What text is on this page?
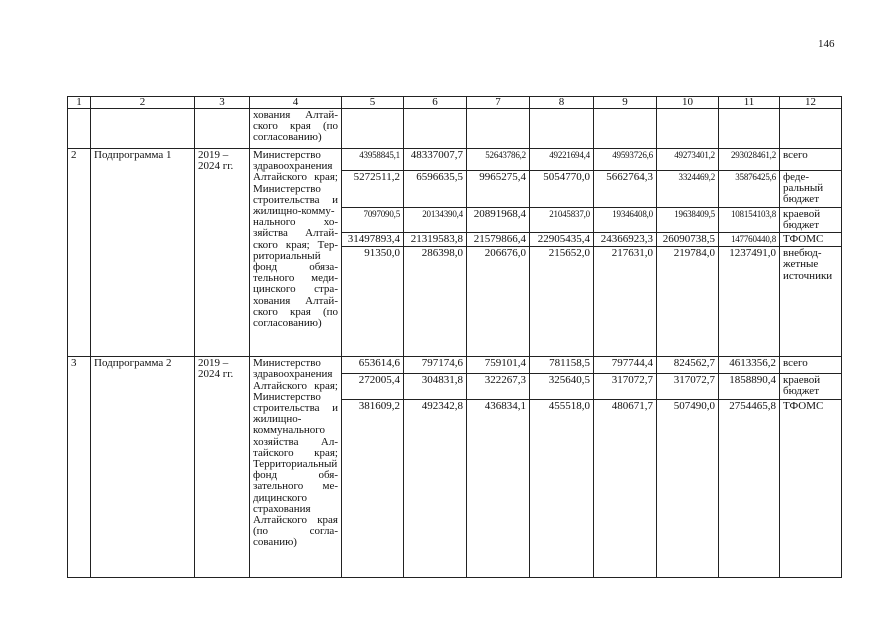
146
1	2	3	4	5	6	7	8	9	10	11	12
			хования Алтайского края (по согласованию)								
2	Подпрограмма 1	2019 – 2024 гг.	Министерство здравоохранения Алтайского края; Министерство строительства и жилищно-коммунального хозяйства Алтайского края; Территориальный фонд обязательного медицинского страхования Алтайского края (по согласованию)	43958845,1	48337007,7	52643786,2	49221694,4	49593726,6	49273401,2	293028461,2	всего
				5272511,2	6596635,5	9965275,4	5054770,0	5662764,3	3324469,2	35876425,6	федеральный бюджет
				7097090,5	20134390,4	20891968,4	21045837,0	19346408,0	19638409,5	108154103,8	краевой бюджет
				31497893,4	21319583,8	21579866,4	22905435,4	24366923,3	26090738,5	147760440,8	ТФОМС
				91350,0	286398,0	206676,0	215652,0	217631,0	219784,0	1237491,0	внебюджетные источники
3	Подпрограмма 2	2019 – 2024 гг.	Министерство здравоохранения Алтайского края; Министерство строительства и жилищно-коммунального хозяйства Алтайского края; Территориальный фонд обязательного медицинского страхования Алтайского края (по согласованию)	653614,6	797174,6	759101,4	781158,5	797744,4	824562,7	4613356,2	всего
				272005,4	304831,8	322267,3	325640,5	317072,7	317072,7	1858890,4	краевой бюджет
				381609,2	492342,8	436834,1	455518,0	480671,7	507490,0	2754465,8	ТФОМС
